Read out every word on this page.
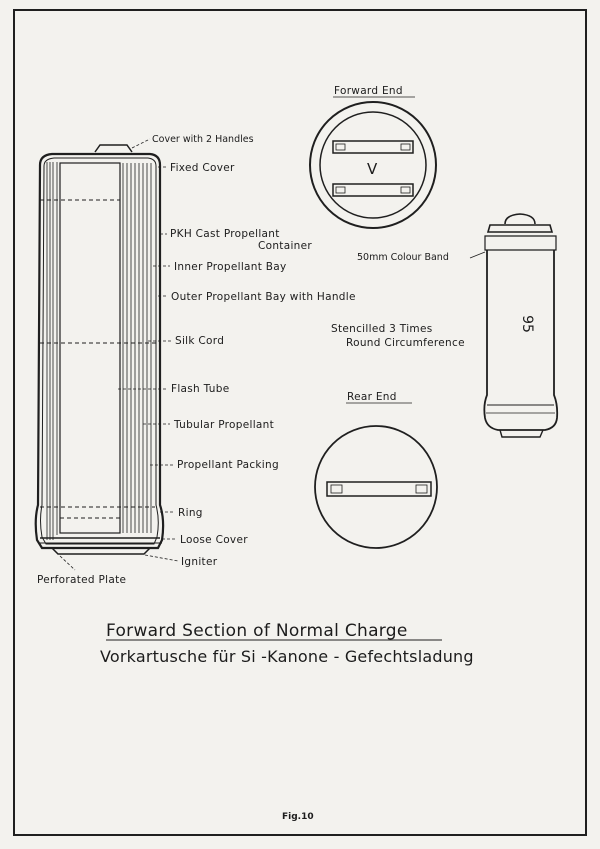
Cover with 2 Handles
Fixed Cover
PKH Cast Propellant
Container
Inner Propellant Bay
Outer Propellant Bay with Handle
Silk Cord
Flash Tube
Tubular Propellant
Propellant Packing
Ring
Loose Cover
Igniter
Perforated Plate
Forward End
V
Rear End
95
50mm Colour Band
Stencilled 3 Times
Round Circumference
Forward Section of Normal Charge
Vorkartusche für Si -Kanone - Gefechtsladung
Fig.10
